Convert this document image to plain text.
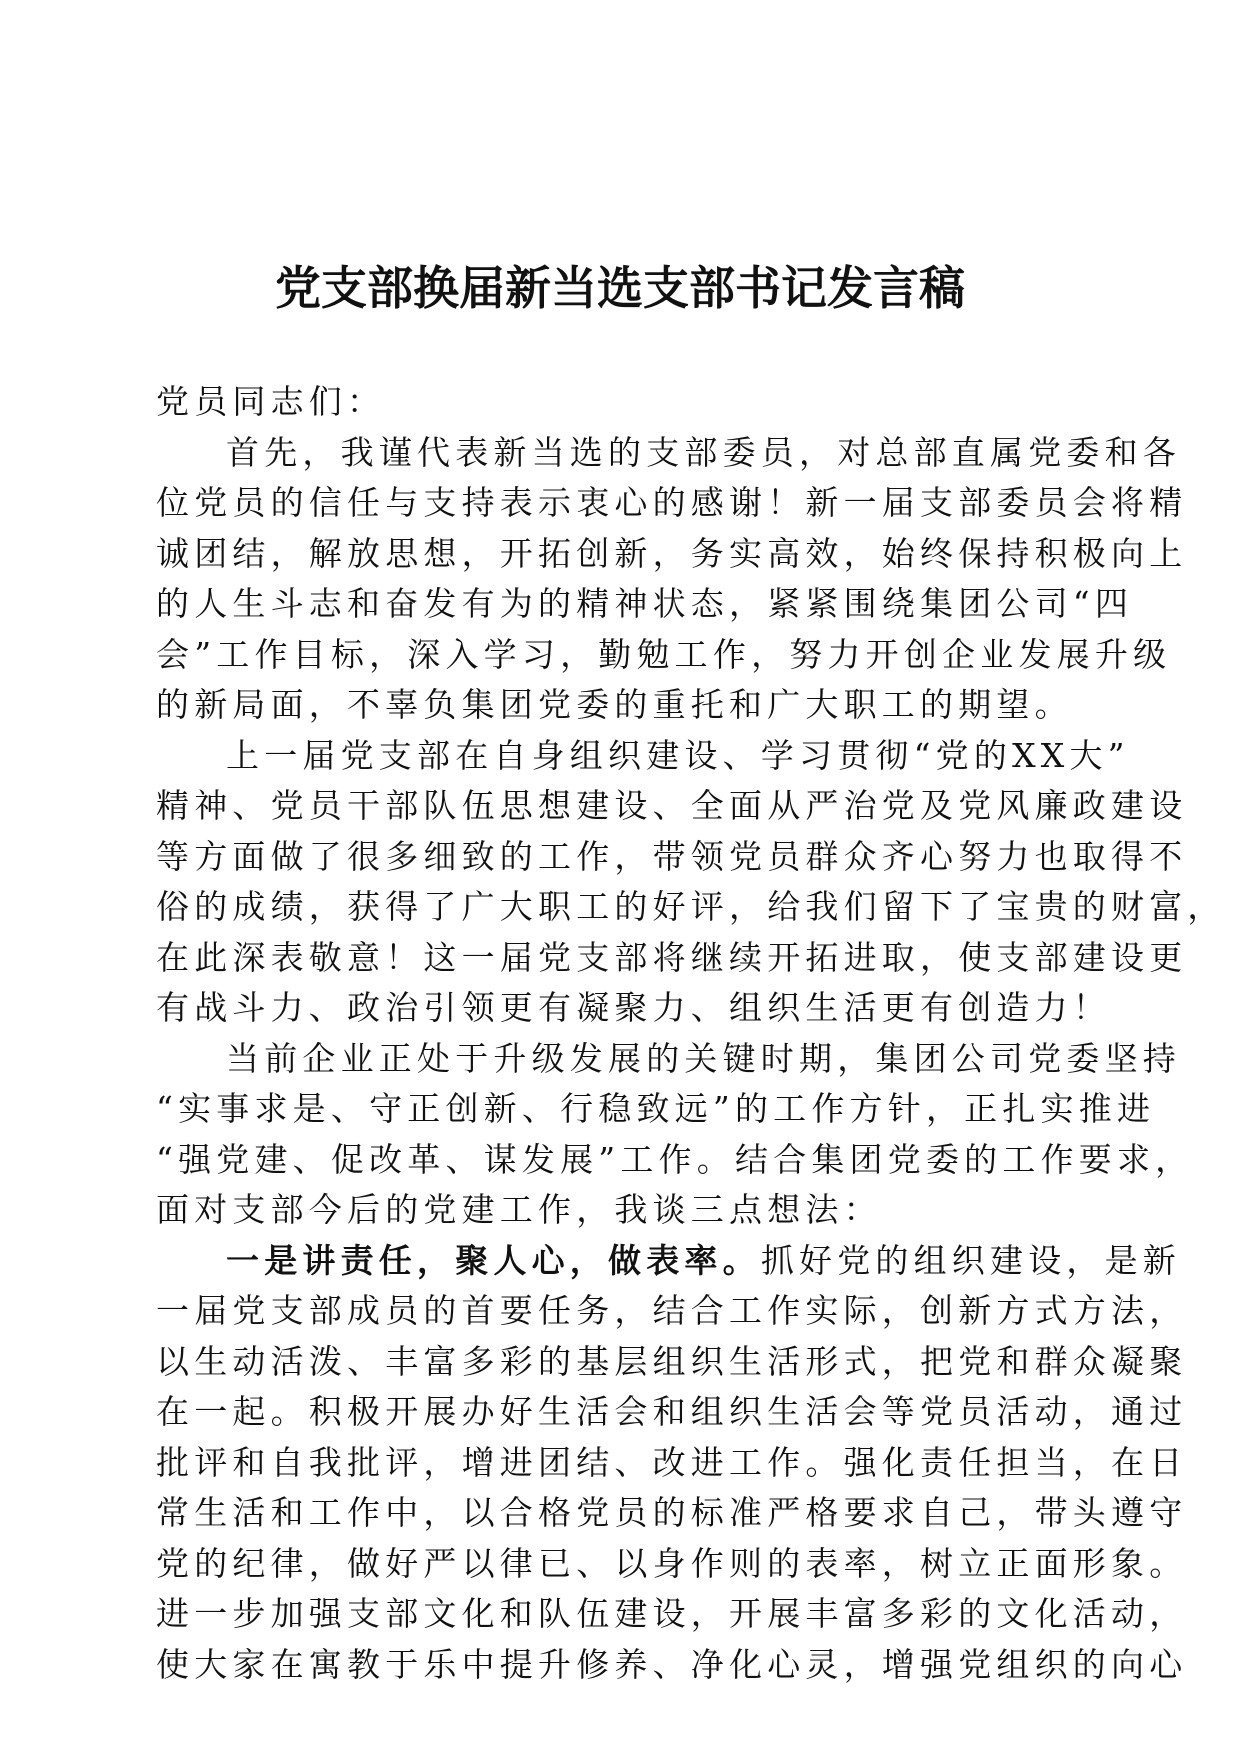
党支部换届新当选支部书记发言稿
党员同志们：
首先，我谨代表新当选的支部委员，对总部直属党委和各
位党员的信任与支持表示衷心的感谢！新一届支部委员会将精
诚团结，解放思想，开拓创新，务实高效，始终保持积极向上
的人生斗志和奋发有为的精神状态，紧紧围绕集团公司“四
会”工作目标，深入学习，勤勉工作，努力开创企业发展升级
的新局面，不辜负集团党委的重托和广大职工的期望。
上一届党支部在自身组织建设、学习贯彻“党的XX大”
精神、党员干部队伍思想建设、全面从严治党及党风廉政建设
等方面做了很多细致的工作，带领党员群众齐心努力也取得不
俗的成绩，获得了广大职工的好评，给我们留下了宝贵的财富，
在此深表敬意！这一届党支部将继续开拓进取，使支部建设更
有战斗力、政治引领更有凝聚力、组织生活更有创造力！
当前企业正处于升级发展的关键时期，集团公司党委坚持
“实事求是、守正创新、行稳致远”的工作方针，正扎实推进
“强党建、促改革、谋发展”工作。结合集团党委的工作要求，
面对支部今后的党建工作，我谈三点想法：
一是讲责任，聚人心，做表率。抓好党的组织建设，是新
一届党支部成员的首要任务，结合工作实际，创新方式方法，
以生动活泼、丰富多彩的基层组织生活形式，把党和群众凝聚
在一起。积极开展办好生活会和组织生活会等党员活动，通过
批评和自我批评，增进团结、改进工作。强化责任担当，在日
常生活和工作中，以合格党员的标准严格要求自己，带头遵守
党的纪律，做好严以律已、以身作则的表率，树立正面形象。
进一步加强支部文化和队伍建设，开展丰富多彩的文化活动，
使大家在寓教于乐中提升修养、净化心灵，增强党组织的向心
